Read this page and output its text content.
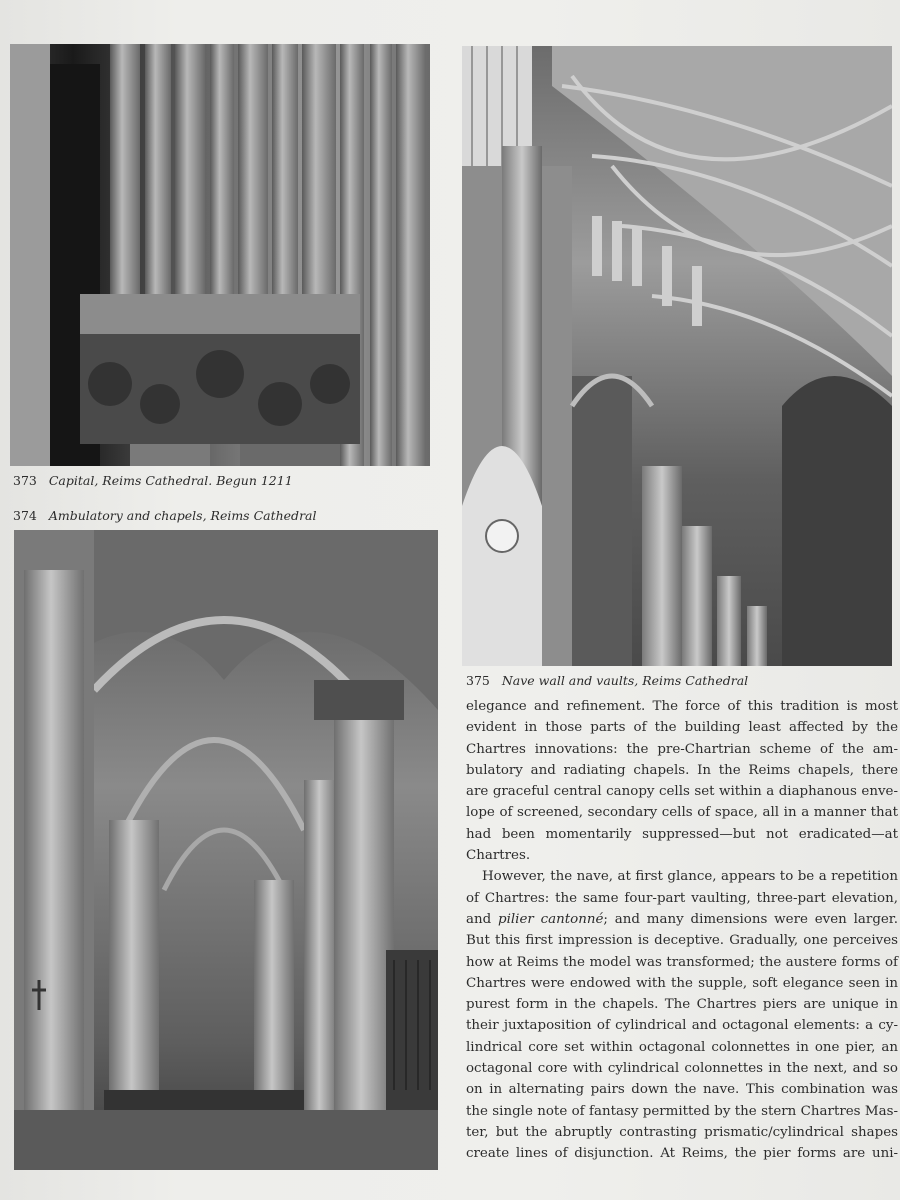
373 Capital, Reims Cathedral. Begun 1211
374 Ambulatory and chapels, Reims Cathedral
375 Nave wall and vaults, Reims Cathedral
elegance and refinement. The force of this tradition is most
evident in those parts of the building least affected by the
Chartres innovations: the pre-Chartrian scheme of the am-
bulatory and radiating chapels. In the Reims chapels, there
are graceful central canopy cells set within a diaphanous enve-
lope of screened, secondary cells of space, all in a manner that
had been momentarily suppressed—but not eradicated—at
Chartres.
However, the nave, at first glance, appears to be a repetition
of Chartres: the same four-part vaulting, three-part elevation,
and pilier cantonné; and many dimensions were even larger.
But this first impression is deceptive. Gradually, one perceives
how at Reims the model was transformed; the austere forms of
Chartres were endowed with the supple, soft elegance seen in
purest form in the chapels. The Chartres piers are unique in
their juxtaposition of cylindrical and octagonal elements: a cy-
lindrical core set within octagonal colonnettes in one pier, an
octagonal core with cylindrical colonnettes in the next, and so
on in alternating pairs down the nave. This combination was
the single note of fantasy permitted by the stern Chartres Mas-
ter, but the abruptly contrasting prismatic/cylindrical shapes
create lines of disjunction. At Reims, the pier forms are uni-
